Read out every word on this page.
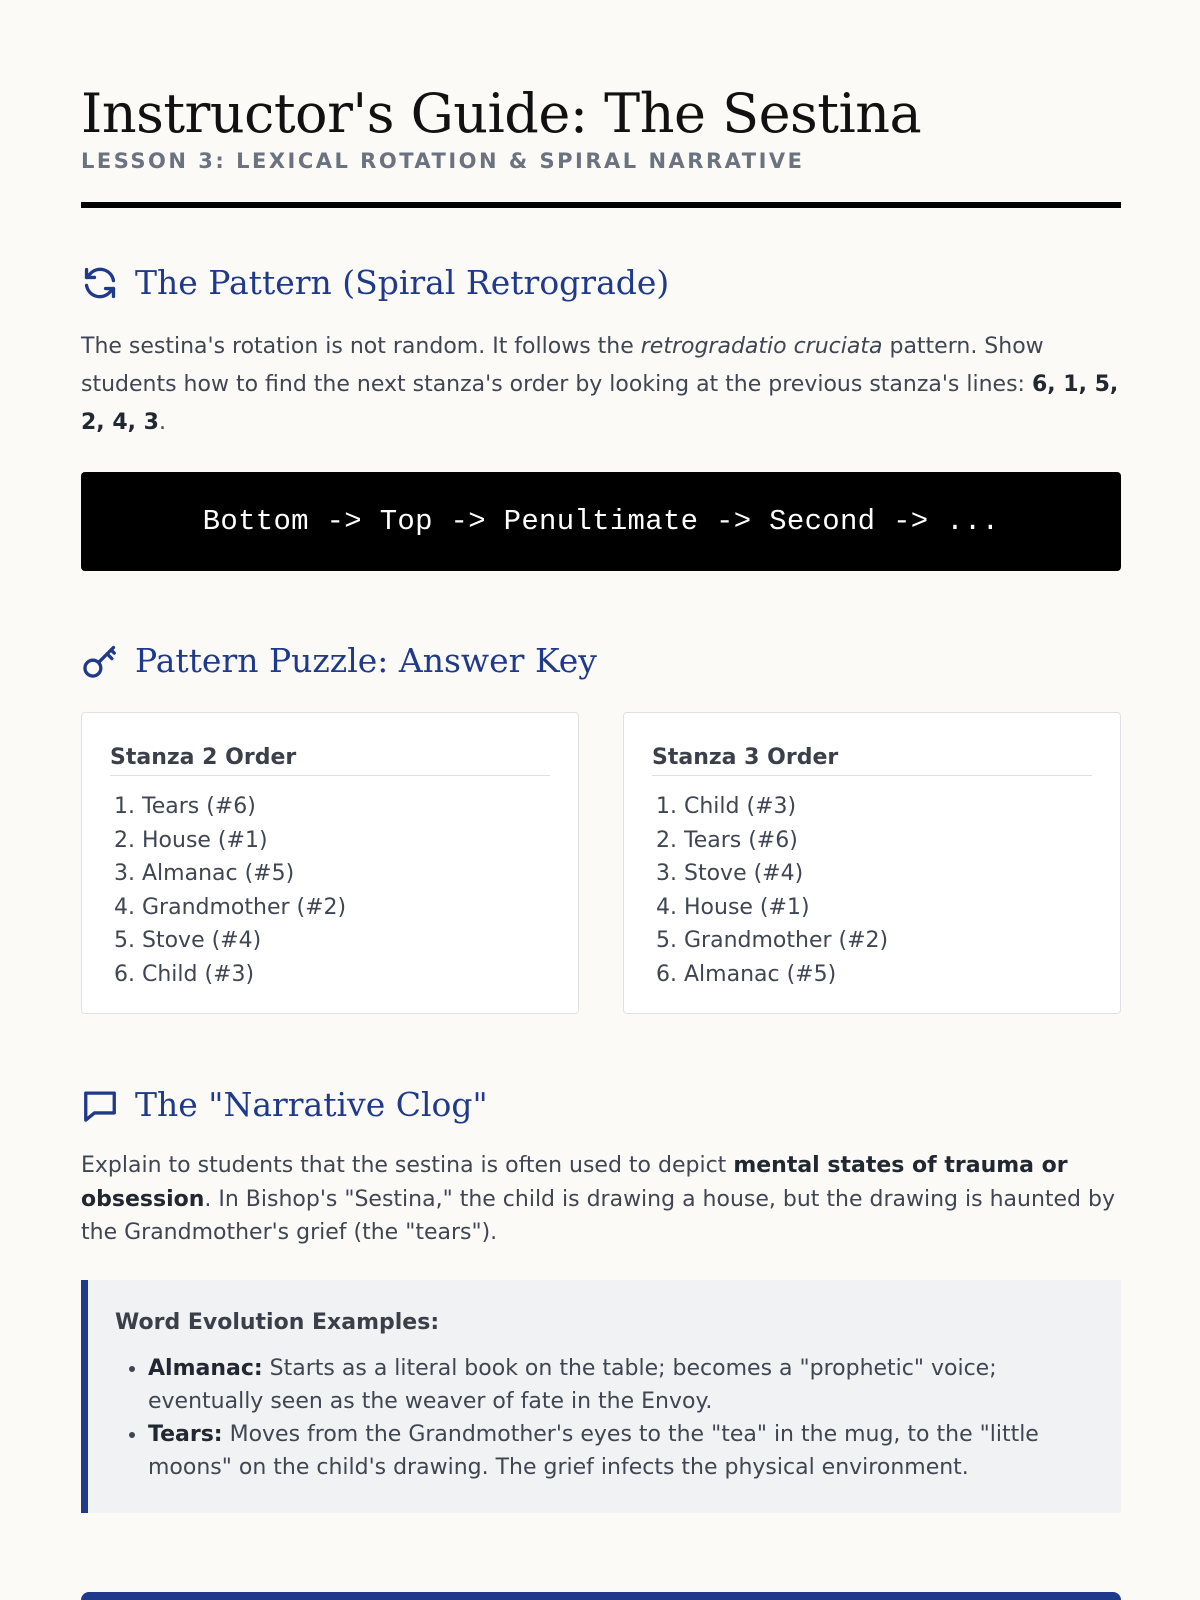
Instructor's Guide: The Sestina
LESSON 3: LEXICAL ROTATION & SPIRAL NARRATIVE
The Pattern (Spiral Retrograde)

The sestina's rotation is not random. It follows the retrogradatio cruciata pattern. Show students how to find the next stanza's order by looking at the previous stanza's lines: 6, 1, 5, 2, 4, 3.

Bottom -> Top -> Penultimate -> Second -> ...
Pattern Puzzle: Answer Key
Stanza 2 Order
1. Tears (#6)
2. House (#1)
3. Almanac (#5)
4. Grandmother (#2)
5. Stove (#4)
6. Child (#3)
Stanza 3 Order
1. Child (#3)
2. Tears (#6)
3. Stove (#4)
4. House (#1)
5. Grandmother (#2)
6. Almanac (#5)
The "Narrative Clog"

Explain to students that the sestina is often used to depict mental states of trauma or obsession. In Bishop's "Sestina," the child is drawing a house, but the drawing is haunted by the Grandmother's grief (the "tears").

Word Evolution Examples:
• Almanac: Starts as a literal book on the table; becomes a "prophetic" voice; eventually seen as the weaver of fate in the Envoy.
• Tears: Moves from the Grandmother's eyes to the "tea" in the mug, to the "little moons" on the child's drawing. The grief infects the physical environment.
